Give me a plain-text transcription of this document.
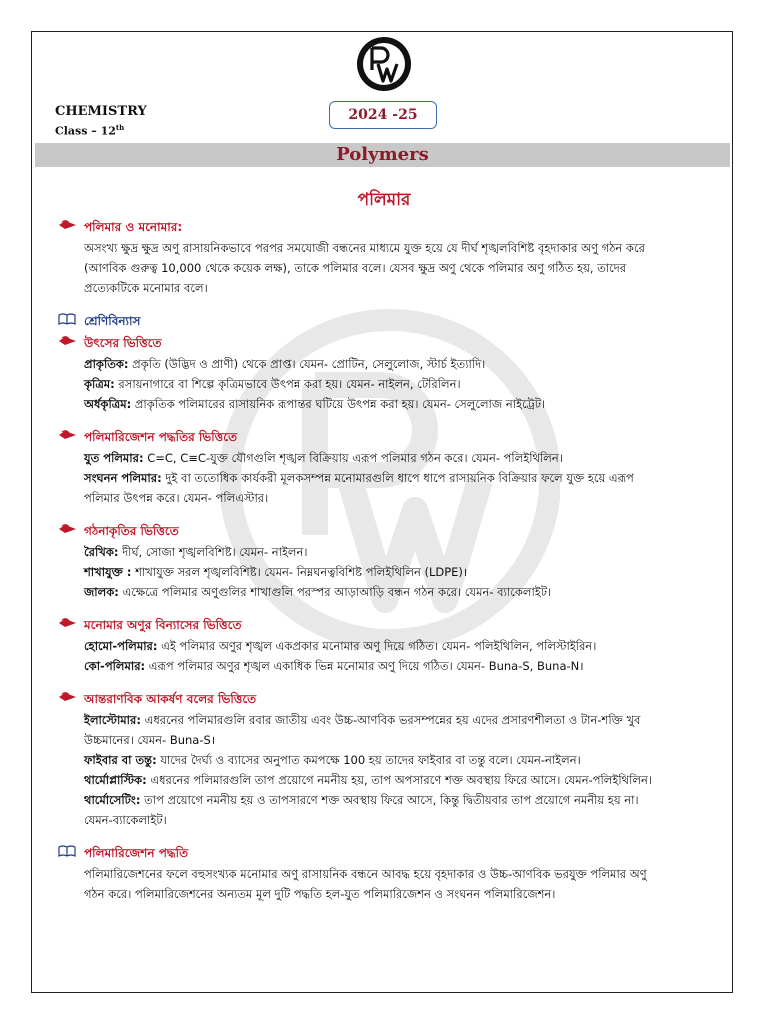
CHEMISTRY
Class – 12th
2024 -25
Polymers
পলিমার
পলিমার ও মনোমার:
অসংখ্য ক্ষুদ্র ক্ষুদ্র অণু রাসায়নিকভাবে পরপর সমযোজী বন্ধনের মাধ্যমে যুক্ত হয়ে যে দীর্ঘ শৃঙ্খলবিশিষ্ট বৃহদাকার অণু গঠন করে
(আণবিক গুরুত্ব 10,000 থেকে কয়েক লক্ষ), তাকে পলিমার বলে। যেসব ক্ষুদ্র অণু থেকে পলিমার অণু গঠিত হয়, তাদের
প্রত্যেকটিকে মনোমার বলে।
শ্রেণিবিন্যাস
উৎসের ভিত্তিতে
প্রাকৃতিক: প্রকৃতি (উদ্ভিদ ও প্রাণী) থেকে প্রাপ্ত। যেমন- প্রোটিন, সেলুলোজ, স্টার্চ ইত্যাদি।
কৃত্রিম: রসায়নাগারে বা শিল্পে কৃত্রিমভাবে উৎপন্ন করা হয়। যেমন- নাইলন, টেরিলিন।
অর্ধকৃত্রিম: প্রাকৃতিক পলিমারের রাসায়নিক রূপান্তর ঘটিয়ে উৎপন্ন করা হয়। যেমন- সেলুলোজ নাইট্রেট।
পলিমারিজেশন পদ্ধতির ভিত্তিতে
যুত পলিমার: C=C, C≡C-যুক্ত যৌগগুলি শৃঙ্খল বিক্রিয়ায় এরূপ পলিমার গঠন করে। যেমন- পলিইথিলিন।
সংঘনন পলিমার: দুই বা ততোধিক কার্যকরী মূলকসম্পন্ন মনোমারগুলি ধাপে ধাপে রাসায়নিক বিক্রিয়ার ফলে যুক্ত হয়ে এরূপ
পলিমার উৎপন্ন করে। যেমন- পলিএস্টার।
গঠনাকৃতির ভিত্তিতে
রৈখিক: দীর্ঘ, সোজা শৃঙ্খলবিশিষ্ট। যেমন- নাইলন।
শাখাযুক্ত : শাখাযুক্ত সরল শৃঙ্খলবিশিষ্ট। যেমন- নিম্নঘনত্ববিশিষ্ট পলিইথিলিন (LDPE)।
জালক: এক্ষেত্রে পলিমার অণুগুলির শাখাগুলি পরস্পর আড়াআড়ি বন্ধন গঠন করে। যেমন- ব্যাকেলাইট।
মনোমার অণুর বিন্যাসের ভিত্তিতে
হোমো-পলিমার: এই পলিমার অণুর শৃঙ্খল একপ্রকার মনোমার অণু দিয়ে গঠিত। যেমন- পলিইথিলিন, পলিস্টাইরিন।
কো-পলিমার: এরূপ পলিমার অণুর শৃঙ্খল একাধিক ভিন্ন মনোমার অণু দিয়ে গঠিত। যেমন- Buna-S, Buna-N।
আন্তরাণবিক আকর্ষণ বলের ভিত্তিতে
ইলাস্টোমার: এধরনের পলিমারগুলি রবার জাতীয় এবং উচ্চ-আণবিক ভরসম্পন্নের হয় এদের প্রসারণশীলতা ও টান-শক্তি খুব
উচ্চমানের। যেমন- Buna-S।
ফাইবার বা তন্তু: যাদের দৈর্ঘ্য ও ব্যাসের অনুপাত কমপক্ষে 100 হয় তাদের ফাইবার বা তন্তু বলে। যেমন-নাইলন।
থার্মোপ্লাস্টিক: এধরনের পলিমারগুলি তাপ প্রয়োগে নমনীয় হয়, তাপ অপসারণে শক্ত অবস্থায় ফিরে আসে। যেমন-পলিইথিলিন।
থার্মোসেটিং: তাপ প্রয়োগে নমনীয় হয় ও তাপসারণে শক্ত অবস্থায় ফিরে আসে, কিন্তু দ্বিতীয়বার তাপ প্রয়োগে নমনীয় হয় না।
যেমন-ব্যাকেলাইট।
পলিমারিজেশন পদ্ধতি
পলিমারিজেশনের ফলে বহুসংখ্যক মনোমার অণু রাসায়নিক বন্ধনে আবদ্ধ হয়ে বৃহদাকার ও উচ্চ-আণবিক ভরযুক্ত পলিমার অণু
গঠন করে। পলিমারিজেশনের অন্যতম মূল দুটি পদ্ধতি হল-যুত পলিমারিজেশন ও সংঘনন পলিমারিজেশন।
